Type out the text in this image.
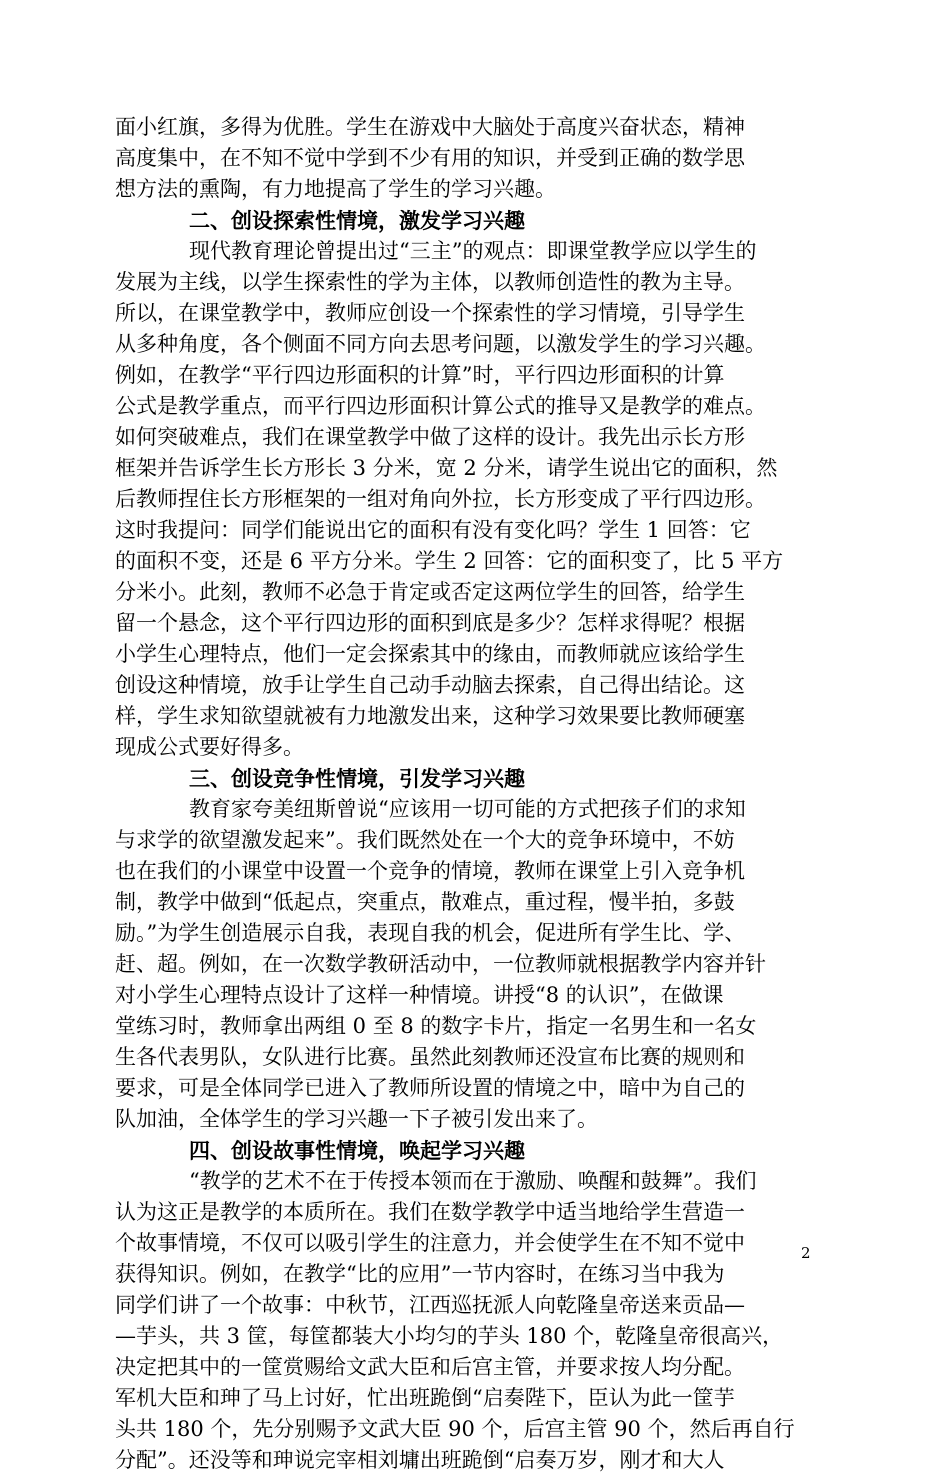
面小红旗，多得为优胜。学生在游戏中大脑处于高度兴奋状态，精神
高度集中，在不知不觉中学到不少有用的知识，并受到正确的数学思
想方法的熏陶，有力地提高了学生的学习兴趣。
二、创设探索性情境，激发学习兴趣
现代教育理论曾提出过“三主”的观点：即课堂教学应以学生的
发展为主线，以学生探索性的学为主体，以教师创造性的教为主导。
所以，在课堂教学中，教师应创设一个探索性的学习情境，引导学生
从多种角度，各个侧面不同方向去思考问题，以激发学生的学习兴趣。
例如，在教学“平行四边形面积的计算”时，平行四边形面积的计算
公式是教学重点，而平行四边形面积计算公式的推导又是教学的难点。
如何突破难点，我们在课堂教学中做了这样的设计。我先出示长方形
框架并告诉学生长方形长 3 分米，宽 2 分米，请学生说出它的面积，然
后教师捏住长方形框架的一组对角向外拉，长方形变成了平行四边形。
这时我提问：同学们能说出它的面积有没有变化吗？学生 1 回答：它
的面积不变，还是 6 平方分米。学生 2 回答：它的面积变了，比 5 平方
分米小。此刻，教师不必急于肯定或否定这两位学生的回答，给学生
留一个悬念，这个平行四边形的面积到底是多少？怎样求得呢？根据
小学生心理特点，他们一定会探索其中的缘由，而教师就应该给学生
创设这种情境，放手让学生自己动手动脑去探索，自己得出结论。这
样，学生求知欲望就被有力地激发出来，这种学习效果要比教师硬塞
现成公式要好得多。
三、创设竞争性情境，引发学习兴趣
教育家夸美纽斯曾说“应该用一切可能的方式把孩子们的求知
与求学的欲望激发起来”。我们既然处在一个大的竞争环境中，不妨
也在我们的小课堂中设置一个竞争的情境，教师在课堂上引入竞争机
制，教学中做到“低起点，突重点，散难点，重过程，慢半拍，多鼓
励。”为学生创造展示自我，表现自我的机会，促进所有学生比、学、
赶、超。例如，在一次数学教研活动中，一位教师就根据教学内容并针
对小学生心理特点设计了这样一种情境。讲授“8 的认识”，在做课
堂练习时，教师拿出两组 0 至 8 的数字卡片，指定一名男生和一名女
生各代表男队，女队进行比赛。虽然此刻教师还没宣布比赛的规则和
要求，可是全体同学已进入了教师所设置的情境之中，暗中为自己的
队加油，全体学生的学习兴趣一下子被引发出来了。
四、创设故事性情境，唤起学习兴趣
“教学的艺术不在于传授本领而在于激励、唤醒和鼓舞”。我们
认为这正是教学的本质所在。我们在数学教学中适当地给学生营造一
个故事情境，不仅可以吸引学生的注意力，并会使学生在不知不觉中
获得知识。例如，在教学“比的应用”一节内容时，在练习当中我为
同学们讲了一个故事：中秋节，江西巡抚派人向乾隆皇帝送来贡品—
—芋头，共 3 筐，每筐都装大小均匀的芋头 180 个，乾隆皇帝很高兴，
决定把其中的一筐赏赐给文武大臣和后宫主管，并要求按人均分配。
军机大臣和珅了马上讨好，忙出班跪倒“启奏陛下，臣认为此一筐芋
头共 180 个，先分别赐予文武大臣 90 个，后宫主管 90 个，然后再自行
分配”。还没等和珅说完宰相刘墉出班跪倒“启奏万岁，刚才和大人
2
